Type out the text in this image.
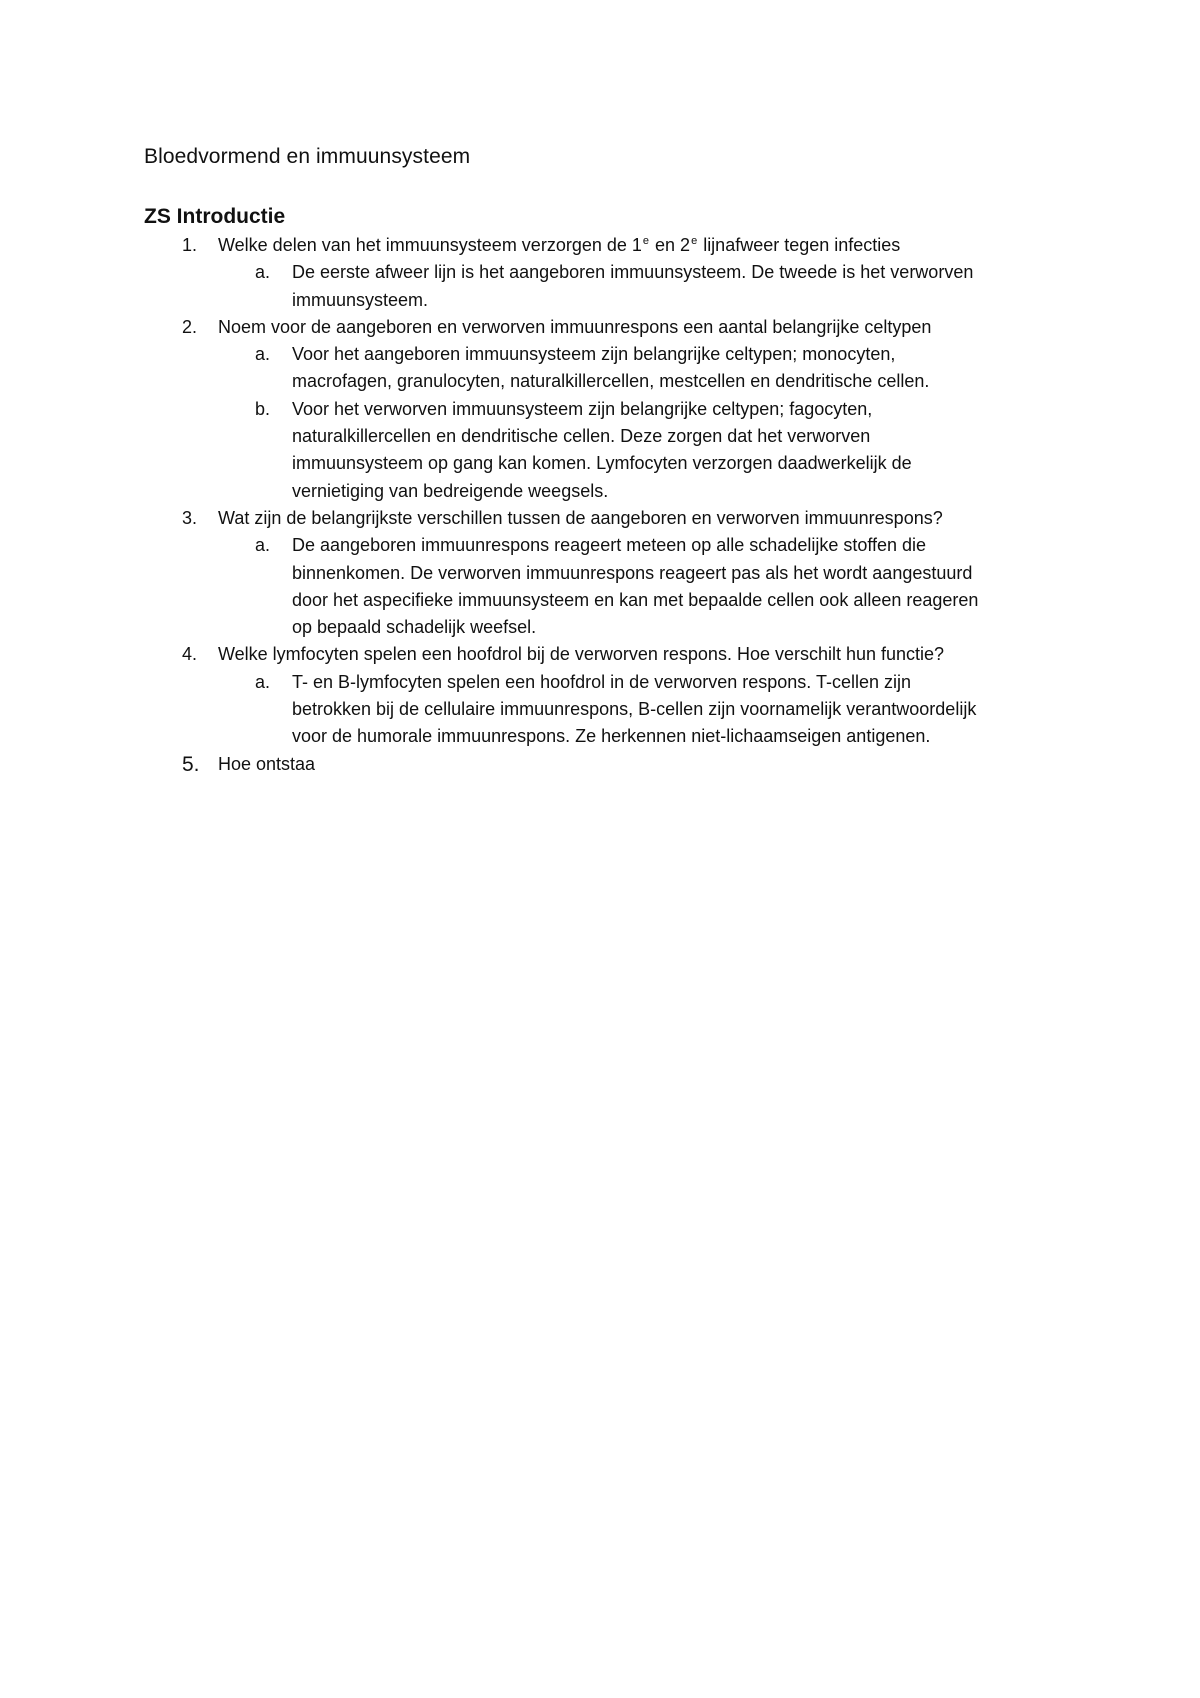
Bloedvormend en immuunsysteem
ZS Introductie
1. Welke delen van het immuunsysteem verzorgen de 1e en 2e lijnafweer tegen infecties
a. De eerste afweer lijn is het aangeboren immuunsysteem. De tweede is het verworven immuunsysteem.
2. Noem voor de aangeboren en verworven immuunrespons een aantal belangrijke celtypen
a. Voor het aangeboren immuunsysteem zijn belangrijke celtypen; monocyten, macrofagen, granulocyten, naturalkillercellen, mestcellen en dendritische cellen.
b. Voor het verworven immuunsysteem zijn belangrijke celtypen; fagocyten, naturalkillercellen en dendritische cellen. Deze zorgen dat het verworven immuunsysteem op gang kan komen. Lymfocyten verzorgen daadwerkelijk de vernietiging van bedreigende weegsels.
3. Wat zijn de belangrijkste verschillen tussen de aangeboren en verworven immuunrespons?
a. De aangeboren immuunrespons reageert meteen op alle schadelijke stoffen die binnenkomen. De verworven immuunrespons reageert pas als het wordt aangestuurd door het aspecifieke immuunsysteem en kan met bepaalde cellen ook alleen reageren op bepaald schadelijk weefsel.
4. Welke lymfocyten spelen een hoofdrol bij de verworven respons. Hoe verschilt hun functie?
a. T- en B-lymfocyten spelen een hoofdrol in de verworven respons. T-cellen zijn betrokken bij de cellulaire immuunrespons, B-cellen zijn voornamelijk verantwoordelijk voor de humorale immuunrespons. Ze herkennen niet-lichaamseigen antigenen.
5. Hoe ontstaa
